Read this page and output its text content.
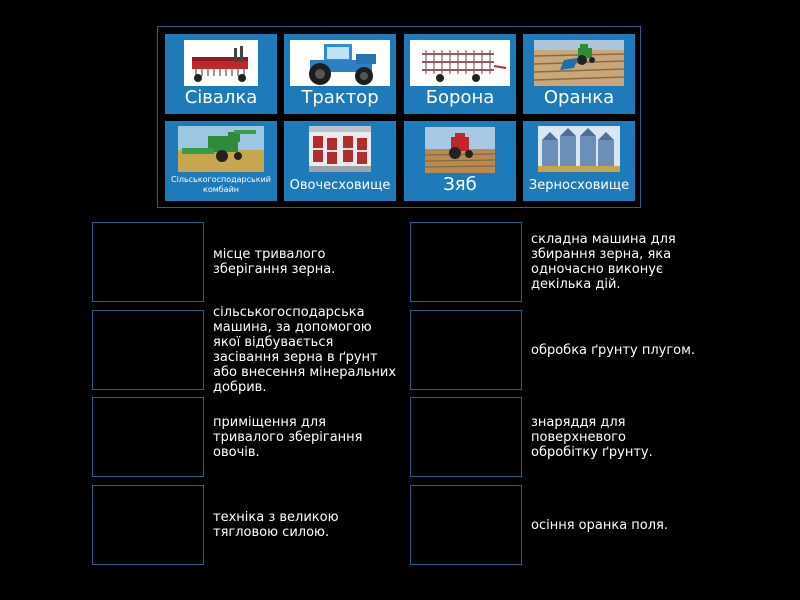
Сівалка	Трактор	Борона	Оранка
Сільськогосподарський комбайн	Овочесховище	Зяб	Зерносховище
місце тривалого зберігання зерна.
сільськогосподарська машина, за допомогою якої відбувається засівання зерна в ґрунт або внесення мінеральних добрив.
приміщення для тривалого зберігання овочів.
техніка з великою тягловою силою.
складна машина для збирання зерна, яка одночасно виконує декілька дій.
обробка ґрунту плугом.
знаряддя для поверхневого обробітку ґрунту.
осіння оранка поля.
